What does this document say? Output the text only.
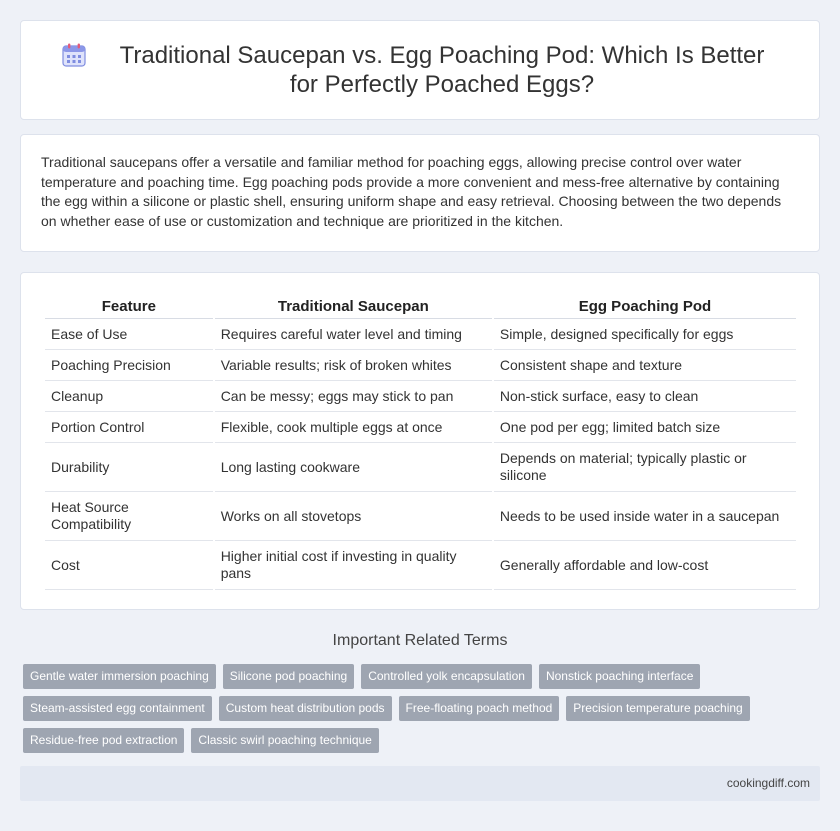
Traditional Saucepan vs. Egg Poaching Pod: Which Is Better for Perfectly Poached Eggs?

Traditional saucepans offer a versatile and familiar method for poaching eggs, allowing precise control over water temperature and poaching time. Egg poaching pods provide a more convenient and mess-free alternative by containing the egg within a silicone or plastic shell, ensuring uniform shape and easy retrieval. Choosing between the two depends on whether ease of use or customization and technique are prioritized in the kitchen.

Feature	Traditional Saucepan	Egg Poaching Pod
Ease of Use	Requires careful water level and timing	Simple, designed specifically for eggs
Poaching Precision	Variable results; risk of broken whites	Consistent shape and texture
Cleanup	Can be messy; eggs may stick to pan	Non-stick surface, easy to clean
Portion Control	Flexible, cook multiple eggs at once	One pod per egg; limited batch size
Durability	Long lasting cookware	Depends on material; typically plastic or silicone
Heat Source Compatibility	Works on all stovetops	Needs to be used inside water in a saucepan
Cost	Higher initial cost if investing in quality pans	Generally affordable and low-cost
Important Related Terms
Gentle water immersion poaching	Silicone pod poaching	Controlled yolk encapsulation	Nonstick poaching interface
Steam-assisted egg containment	Custom heat distribution pods	Free-floating poach method	Precision temperature poaching
Residue-free pod extraction	Classic swirl poaching technique
cookingdiff.com
